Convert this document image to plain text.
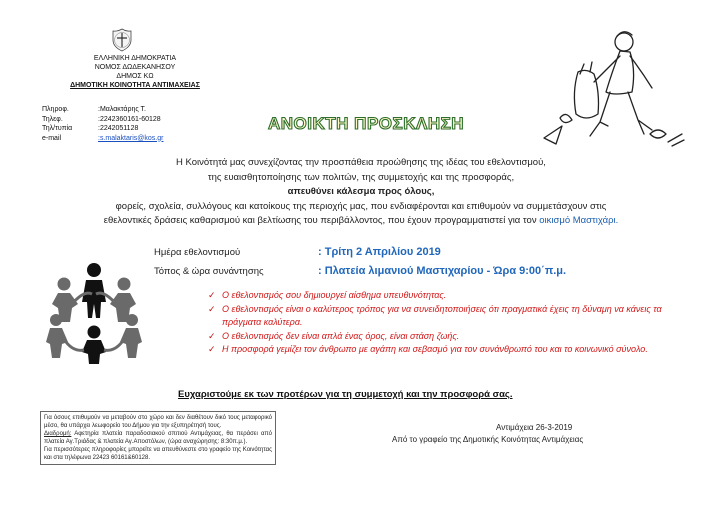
ΕΛΛΗΝΙΚΗ ΔΗΜΟΚΡΑΤΙΑ
ΝΟΜΟΣ ΔΩΔΕΚΑΝΗΣΟΥ
ΔΗΜΟΣ ΚΩ
ΔΗΜΟΤΙΚΗ ΚΟΙΝΟΤΗΤΑ ΑΝΤΙΜΑΧΕΙΑΣ
Πληροφ.	:Μαλακτάρης Τ.
Τηλεφ.	:2242360161-60128
Τηλ/τυπία	:2242051128
e-mail	:s.malaktaris@kos.gr
ΑΝΟΙΚΤΗ ΠΡΟΣΚΛΗΣΗ
Η Κοινότητά μας συνεχίζοντας την προσπάθεια προώθησης της ιδέας του εθελοντισμού,
της ευαισθητοποίησης των πολιτών, της συμμετοχής και της προσφοράς,
απευθύνει κάλεσμα προς όλους,
φορείς, σχολεία, συλλόγους και κατοίκους της περιοχής μας, που ενδιαφέρονται και επιθυμούν να συμμετάσχουν στις
εθελοντικές δράσεις καθαρισμού και βελτίωσης του περιβάλλοντος, που έχουν προγραμματιστεί για τον οικισμό Μαστιχάρι.
Ημέρα εθελοντισμού	: Τρίτη 2 Απριλίου 2019
Τόπος & ώρα συνάντησης	: Πλατεία λιμανιού Μαστιχαρίου - Ώρα 9:00΄π.μ.
✓ Ο εθελοντισμός σου δημιουργεί αίσθημα υπευθυνότητας.
✓ Ο εθελοντισμός είναι ο καλύτερος τρόπος για να συνειδητοποιήσεις ότι πραγματικά έχεις τη δύναμη να κάνεις τα πράγματα καλύτερα.
✓ Ο εθελοντισμός δεν είναι απλά ένας όρος, είναι στάση ζωής.
✓ Η προσφορά γεμίζει τον άνθρωπο με αγάπη και σεβασμό για τον συνάνθρωπό του και το κοινωνικό σύνολο.
Ευχαριστούμε εκ των προτέρων για τη συμμετοχή και την προσφορά σας.
Για όσους επιθυμούν να μεταβούν στο χώρο και δεν διαθέτουν δικό τους μεταφορικό μέσο, θα υπάρχει λεωφορείο του Δήμου για την εξυπηρέτησή τους.
Διαδρομή: Αφετηρία πλατεία παραδοσιακού σπιτιού Αντιμάχειας, θα περάσει από πλατεία Αγ.Τριάδας & πλατεία Αγ.Αποστόλων, (ώρα αναχώρησης: 8:30π.μ.).
Για περισσότερες πληροφορίες μπορείτε να απευθύνεστε στο γραφείο της Κοινότητας και στα τηλέφωνα 22423 60161&60128.
Αντιμάχεια 26-3-2019
Από το γραφείο της Δημοτικής Κοινότητας Αντιμάχειας
